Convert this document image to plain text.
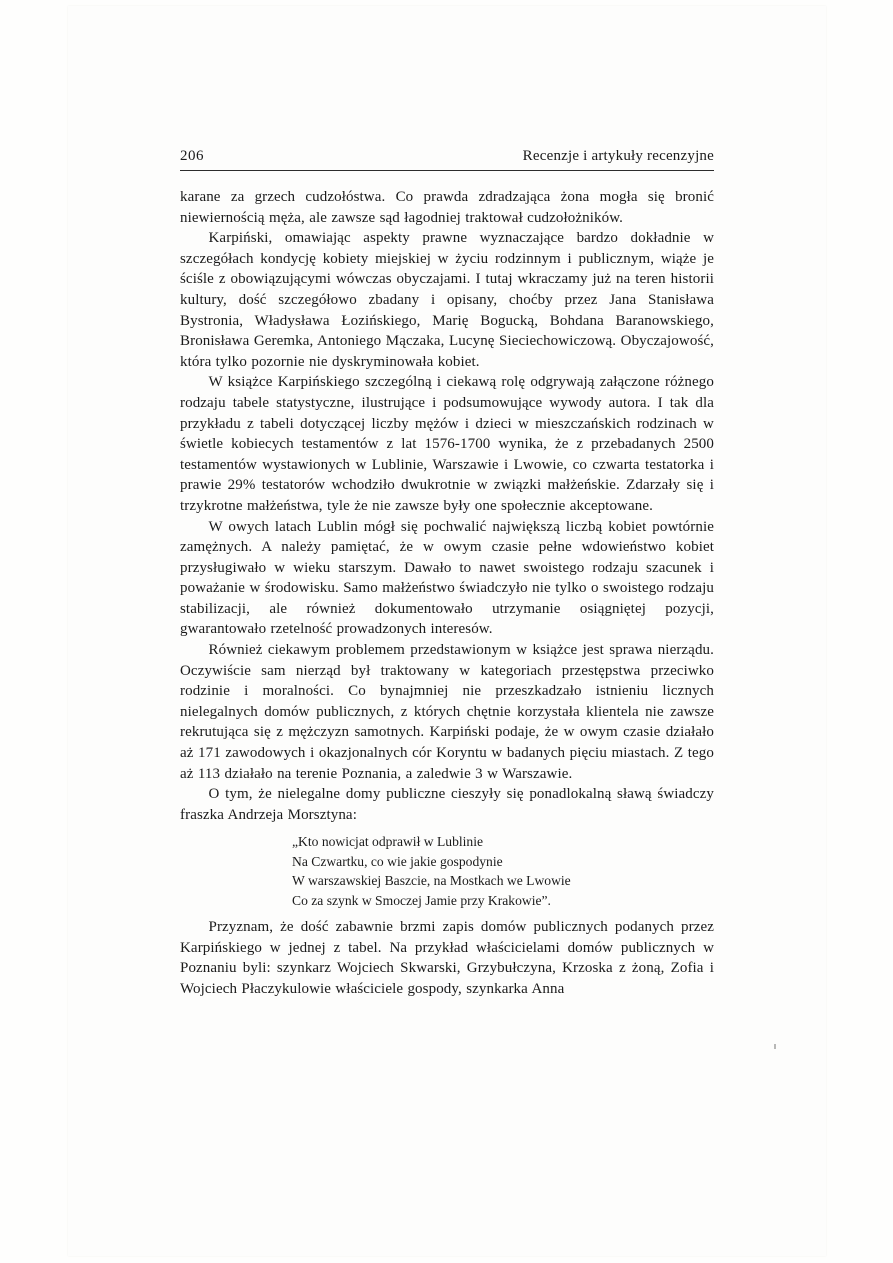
206	Recenzje i artykuły recenzyjne

karane za grzech cudzołóstwa. Co prawda zdradzająca żona mogła się bronić niewiernością męża, ale zawsze sąd łagodniej traktował cudzołożników.

Karpiński, omawiając aspekty prawne wyznaczające bardzo dokładnie w szczegółach kondycję kobiety miejskiej w życiu rodzinnym i publicznym, wiąże je ściśle z obowiązującymi wówczas obyczajami. I tutaj wkraczamy już na teren historii kultury, dość szczegółowo zbadany i opisany, choćby przez Jana Stanisława Bystronia, Władysława Łozińskiego, Marię Bogucką, Bohdana Baranowskiego, Bronisława Geremka, Antoniego Mączaka, Lucynę Sieciechowiczową. Obyczajowość, która tylko pozornie nie dyskryminowała kobiet.

W książce Karpińskiego szczególną i ciekawą rolę odgrywają załączone różnego rodzaju tabele statystyczne, ilustrujące i podsumowujące wywody autora. I tak dla przykładu z tabeli dotyczącej liczby mężów i dzieci w mieszczańskich rodzinach w świetle kobiecych testamentów z lat 1576-1700 wynika, że z przebadanych 2500 testamentów wystawionych w Lublinie, Warszawie i Lwowie, co czwarta testatorka i prawie 29% testatorów wchodziło dwukrotnie w związki małżeńskie. Zdarzały się i trzykrotne małżeństwa, tyle że nie zawsze były one społecznie akceptowane.

W owych latach Lublin mógł się pochwalić największą liczbą kobiet powtórnie zamężnych. A należy pamiętać, że w owym czasie pełne wdowieństwo kobiet przysługiwało w wieku starszym. Dawało to nawet swoistego rodzaju szacunek i poważanie w środowisku. Samo małżeństwo świadczyło nie tylko o swoistego rodzaju stabilizacji, ale również dokumentowało utrzymanie osiągniętej pozycji, gwarantowało rzetelność prowadzonych interesów.

Również ciekawym problemem przedstawionym w książce jest sprawa nierządu. Oczywiście sam nierząd był traktowany w kategoriach przestępstwa przeciwko rodzinie i moralności. Co bynajmniej nie przeszkadzało istnieniu licznych nielegalnych domów publicznych, z których chętnie korzystała klientela nie zawsze rekrutująca się z mężczyzn samotnych. Karpiński podaje, że w owym czasie działało aż 171 zawodowych i okazjonalnych cór Koryntu w badanych pięciu miastach. Z tego aż 113 działało na terenie Poznania, a zaledwie 3 w Warszawie.

O tym, że nielegalne domy publiczne cieszyły się ponadlokalną sławą świadczy fraszka Andrzeja Morsztyna:

„Kto nowicjat odprawił w Lublinie
Na Czwartku, co wie jakie gospodynie
W warszawskiej Baszcie, na Mostkach we Lwowie
Co za szynk w Smoczej Jamie przy Krakowie”.

Przyznam, że dość zabawnie brzmi zapis domów publicznych podanych przez Karpińskiego w jednej z tabel. Na przykład właścicielami domów publicznych w Poznaniu byli: szynkarz Wojciech Skwarski, Grzybułczyna, Krzoska z żoną, Zofia i Wojciech Płaczykulowie właściciele gospody, szynkarka Anna
